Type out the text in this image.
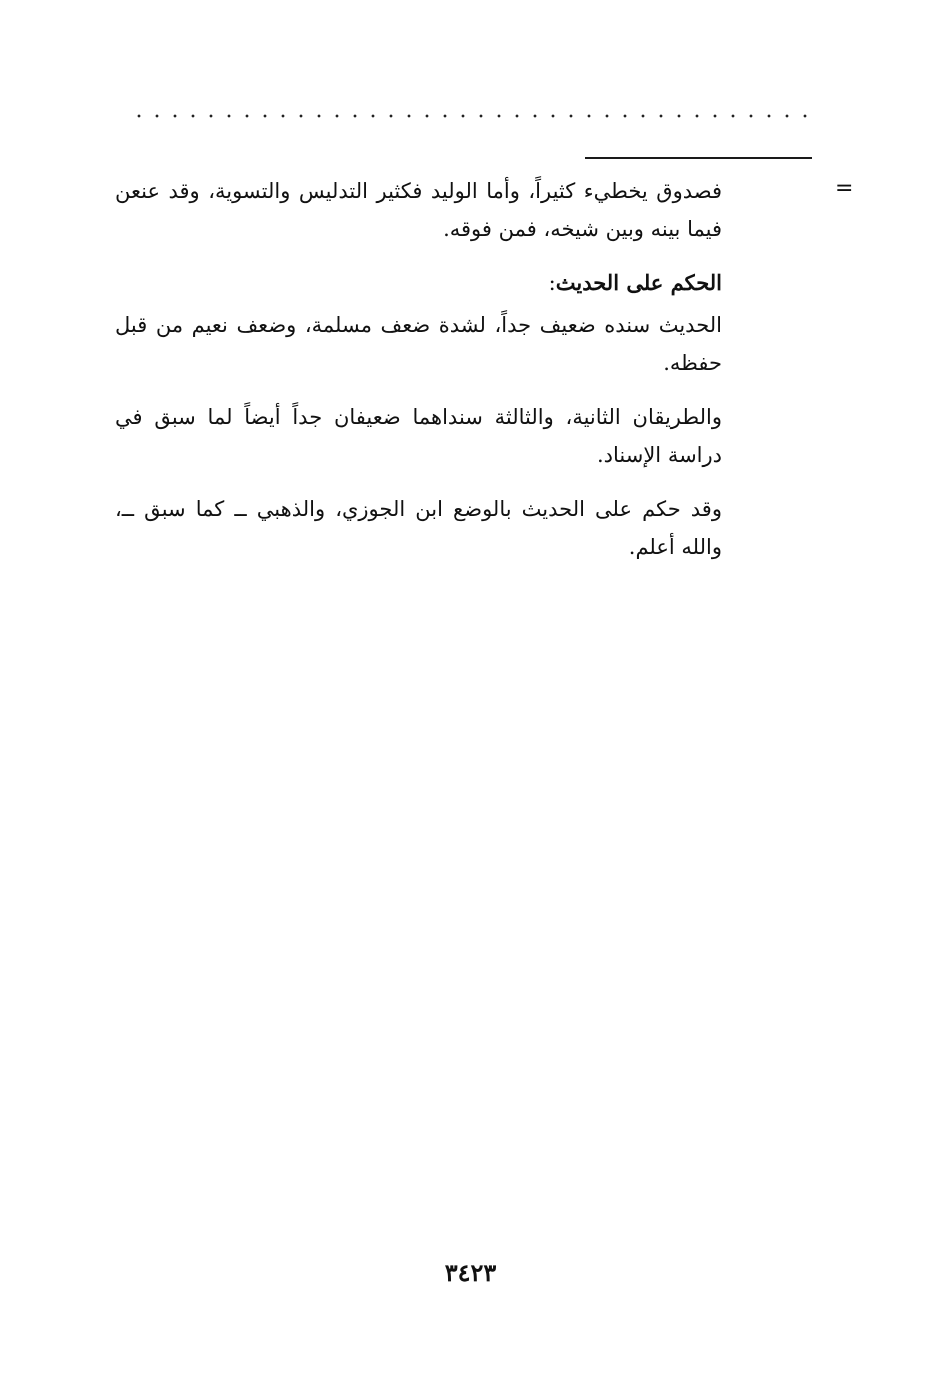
=

فصدوق يخطيء كثيراً، وأما الوليد فكثير التدليس والتسوية، وقد عنعن فيما بينه وبين شيخه، فمن فوقه.

الحكم على الحديث:

الحديث سنده ضعيف جداً، لشدة ضعف مسلمة، وضعف نعيم من قبل حفظه.

والطريقان الثانية، والثالثة سنداهما ضعيفان جداً أيضاً لما سبق في دراسة الإسناد.

وقد حكم على الحديث بالوضع ابن الجوزي، والذهبي ــ كما سبق ــ، والله أعلم.

٣٤٢٣
